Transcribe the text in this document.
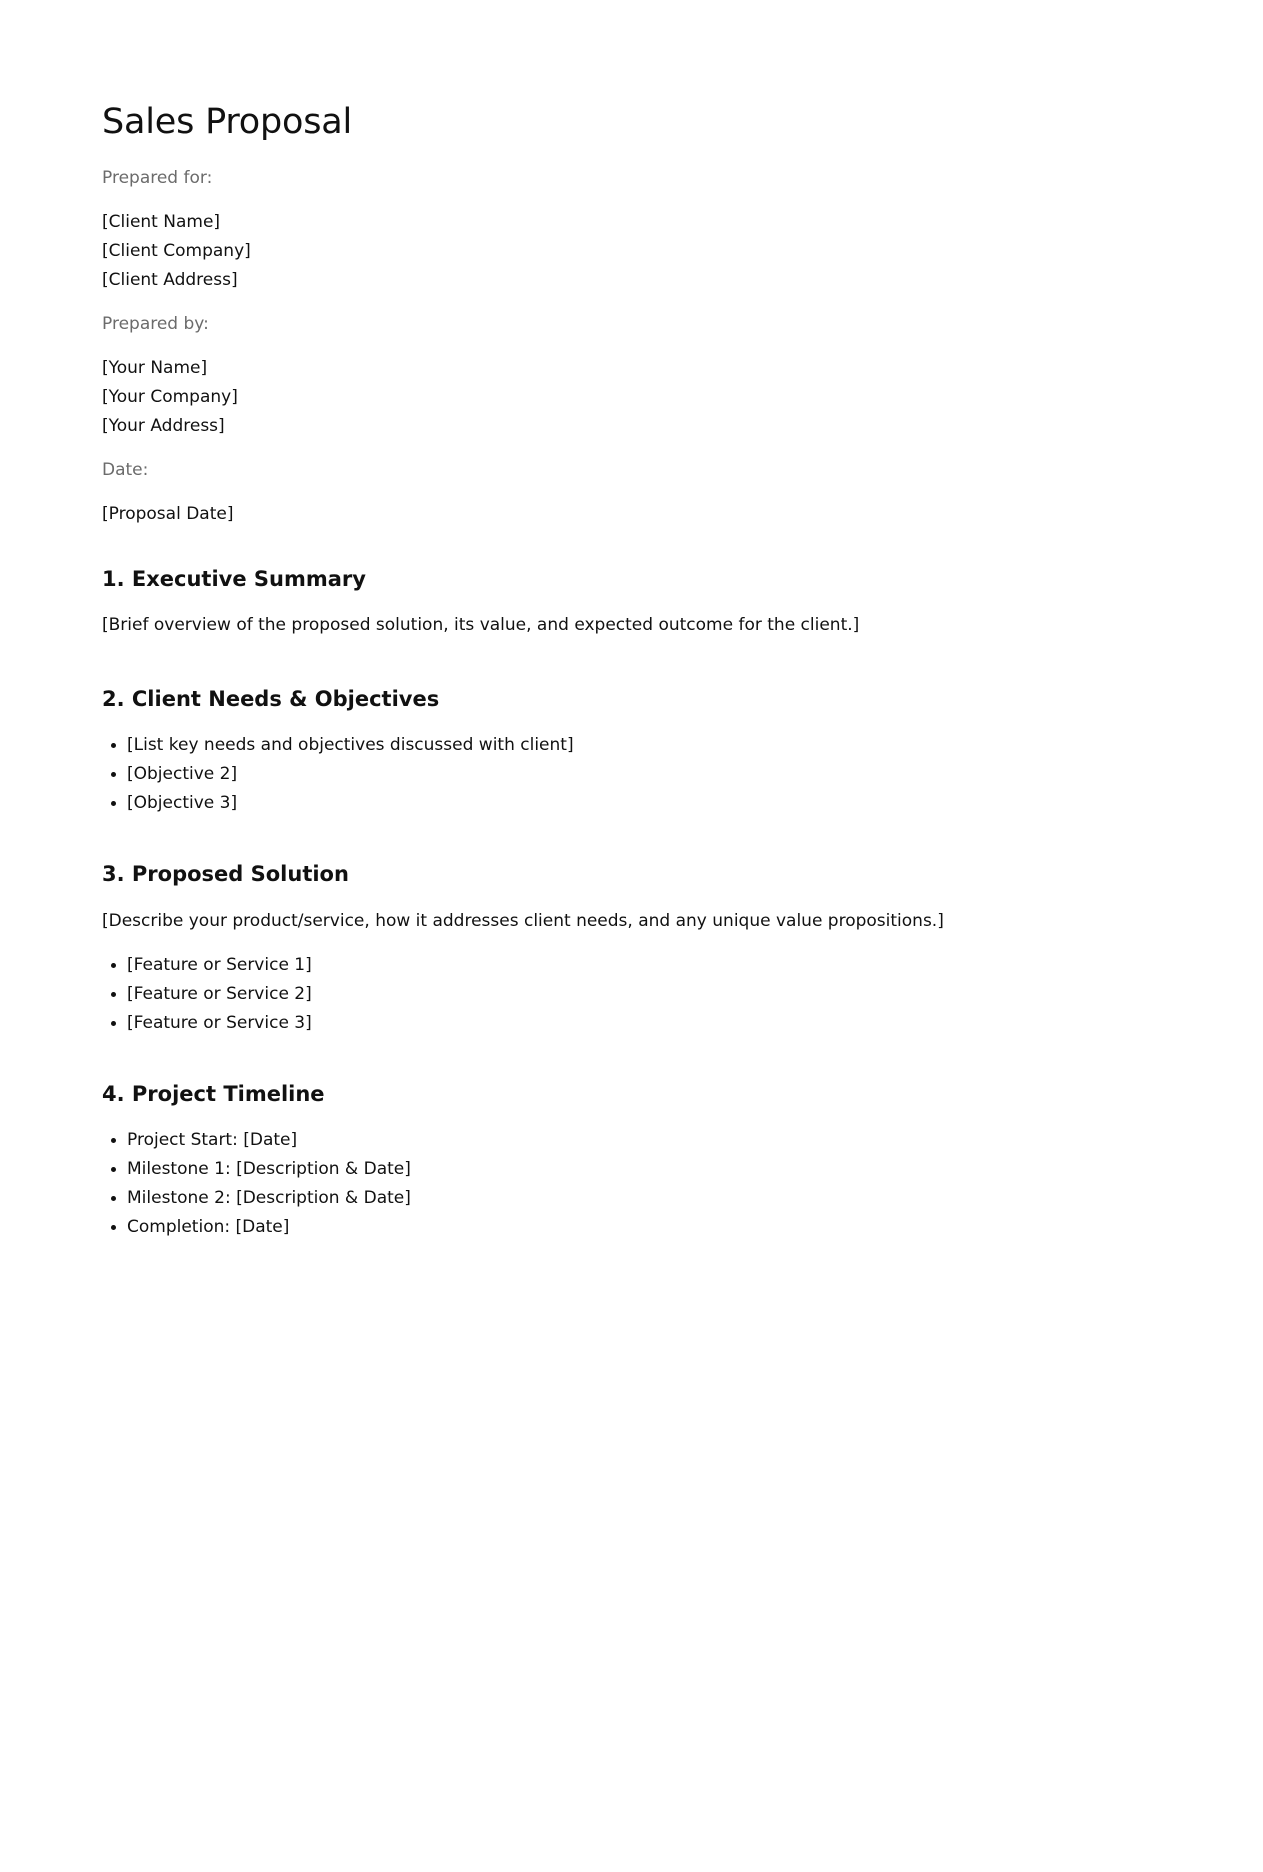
Sales Proposal

Prepared for:

[Client Name]
[Client Company]
[Client Address]

Prepared by:

[Your Name]
[Your Company]
[Your Address]

Date:

[Proposal Date]
1. Executive Summary

[Brief overview of the proposed solution, its value, and expected outcome for the client.]

2. Client Needs & Objectives
• [List key needs and objectives discussed with client]
• [Objective 2]
• [Objective 3]
3. Proposed Solution

[Describe your product/service, how it addresses client needs, and any unique value propositions.]

• [Feature or Service 1]
• [Feature or Service 2]
• [Feature or Service 3]
4. Project Timeline
• Project Start: [Date]
• Milestone 1: [Description & Date]
• Milestone 2: [Description & Date]
• Completion: [Date]
